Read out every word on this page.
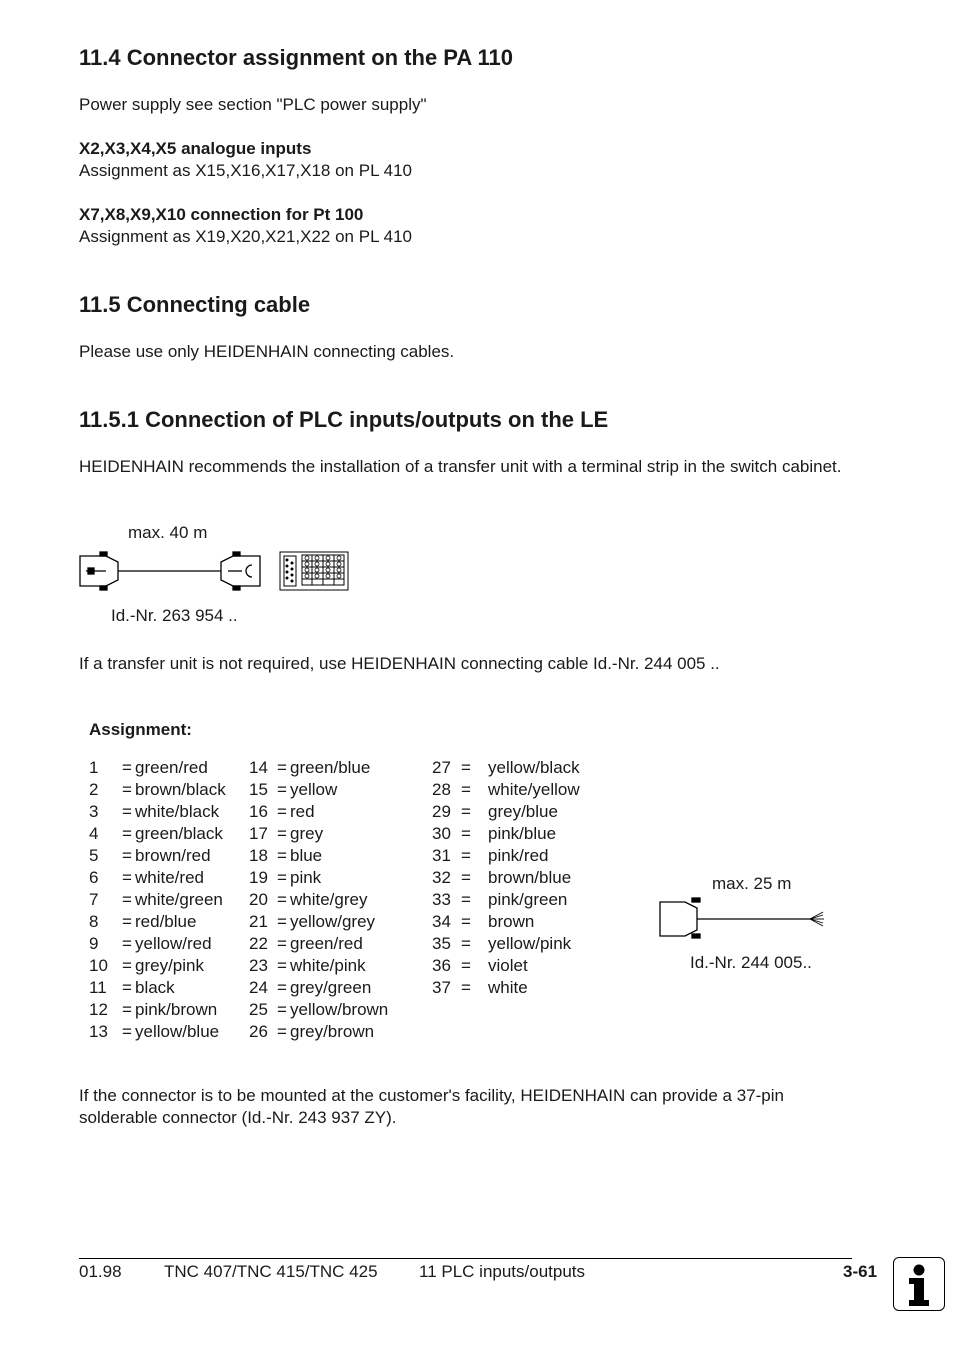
11.4 Connector assignment on the PA 110

Power supply see section "PLC power supply"

X2,X3,X4,X5 analogue inputs

Assignment as X15,X16,X17,X18 on PL 410

X7,X8,X9,X10 connection for Pt 100

Assignment as X19,X20,X21,X22 on PL 410

11.5 Connecting cable

Please use only HEIDENHAIN connecting cables.

11.5.1 Connection of PLC inputs/outputs on the LE

HEIDENHAIN recommends the installation of a transfer unit with a terminal strip in the switch cabinet.

max. 40 m

Id.-Nr. 263 954 ..

If a transfer unit is not required, use HEIDENHAIN connecting cable Id.-Nr. 244 005 ..

Assignment:

1 = green/red
2 = brown/black
3 = white/black
4 = green/black
5 = brown/red
6 = white/red
7 = white/green
8 = red/blue
9 = yellow/red
10 = grey/pink
11 = black
12 = pink/brown
13 = yellow/blue
14 = green/blue
15 = yellow
16 = red
17 = grey
18 = blue
19 = pink
20 = white/grey
21 = yellow/grey
22 = green/red
23 = white/pink
24 = grey/green
25 = yellow/brown
26 = grey/brown
27 = yellow/black
28 = white/yellow
29 = grey/blue
30 = pink/blue
31 = pink/red
32 = brown/blue
33 = pink/green
34 = brown
35 = yellow/pink
36 = violet
37 = white

max. 25 m

Id.-Nr. 244 005..

If the connector is to be mounted at the customer's facility, HEIDENHAIN can provide a 37-pin solderable connector (Id.-Nr. 243 937 ZY).

01.98 TNC 407/TNC 415/TNC 425 11 PLC inputs/outputs	3-61
